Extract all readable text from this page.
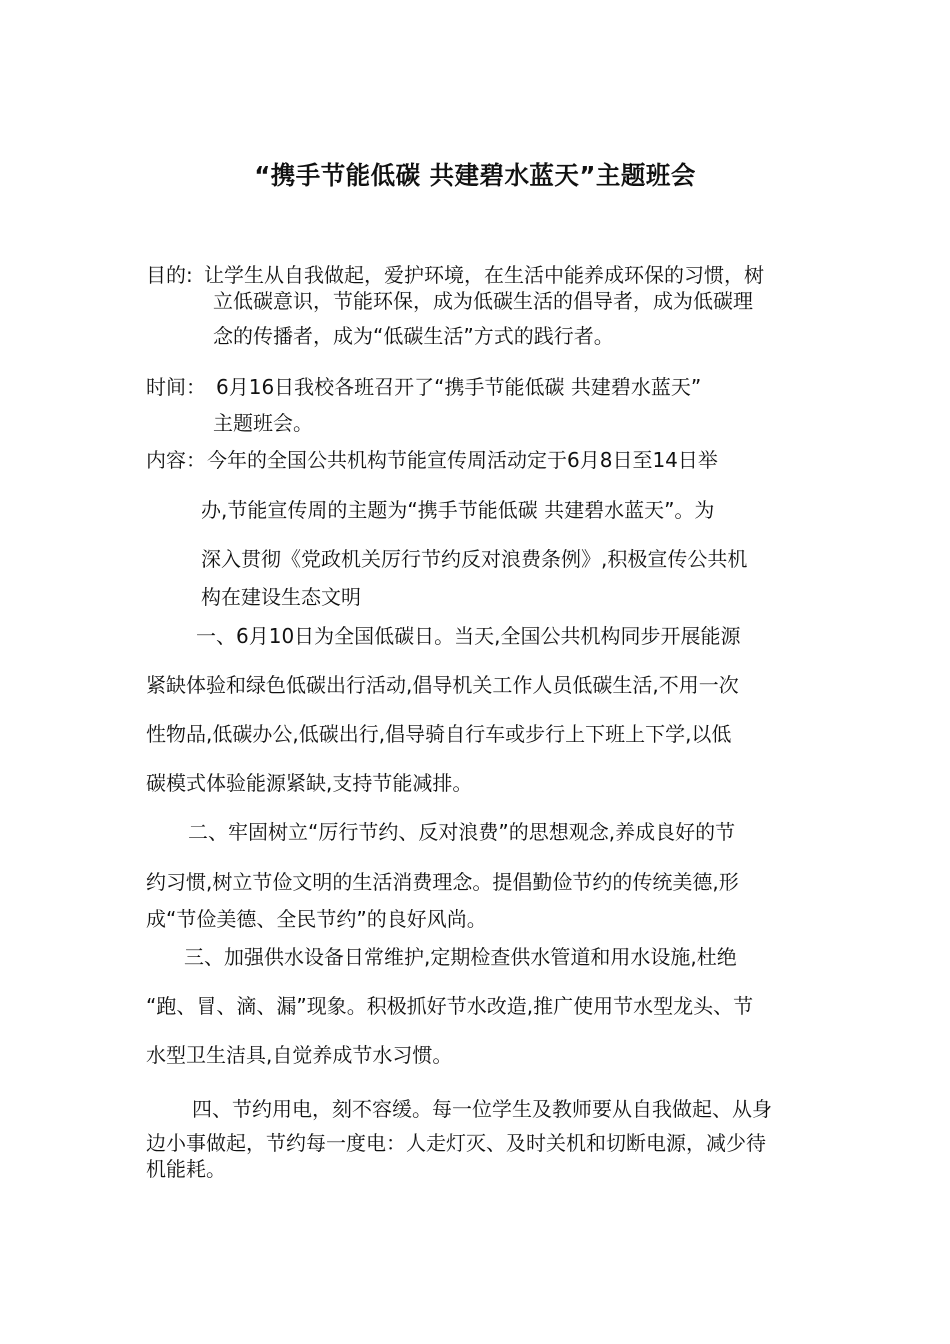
“携手节能低碳 共建碧水蓝天”主题班会
目的: 让学生从自我做起，爱护环境，在生活中能养成环保的习惯，树
立低碳意识，节能环保，成为低碳生活的倡导者，成为低碳理
念的传播者，成为“低碳生活”方式的践行者。
时间： 6月16日我校各班召开了“携手节能低碳 共建碧水蓝天”
主题班会。
内容： 今年的全国公共机构节能宣传周活动定于6月8日至14日举
办,节能宣传周的主题为“携手节能低碳 共建碧水蓝天”。为
深入贯彻《党政机关厉行节约反对浪费条例》,积极宣传公共机
构在建设生态文明
一、6月10日为全国低碳日。当天,全国公共机构同步开展能源
紧缺体验和绿色低碳出行活动,倡导机关工作人员低碳生活,不用一次
性物品,低碳办公,低碳出行,倡导骑自行车或步行上下班上下学,以低
碳模式体验能源紧缺,支持节能减排。
二、牢固树立“厉行节约、反对浪费”的思想观念,养成良好的节
约习惯,树立节俭文明的生活消费理念。提倡勤俭节约的传统美德,形
成“节俭美德、全民节约”的良好风尚。
三、加强供水设备日常维护,定期检查供水管道和用水设施,杜绝
“跑、冒、滴、漏”现象。积极抓好节水改造,推广使用节水型龙头、节
水型卫生洁具,自觉养成节水习惯。
四、节约用电，刻不容缓。每一位学生及教师要从自我做起、从身
边小事做起，节约每一度电：人走灯灭、及时关机和切断电源，减少待
机能耗。
